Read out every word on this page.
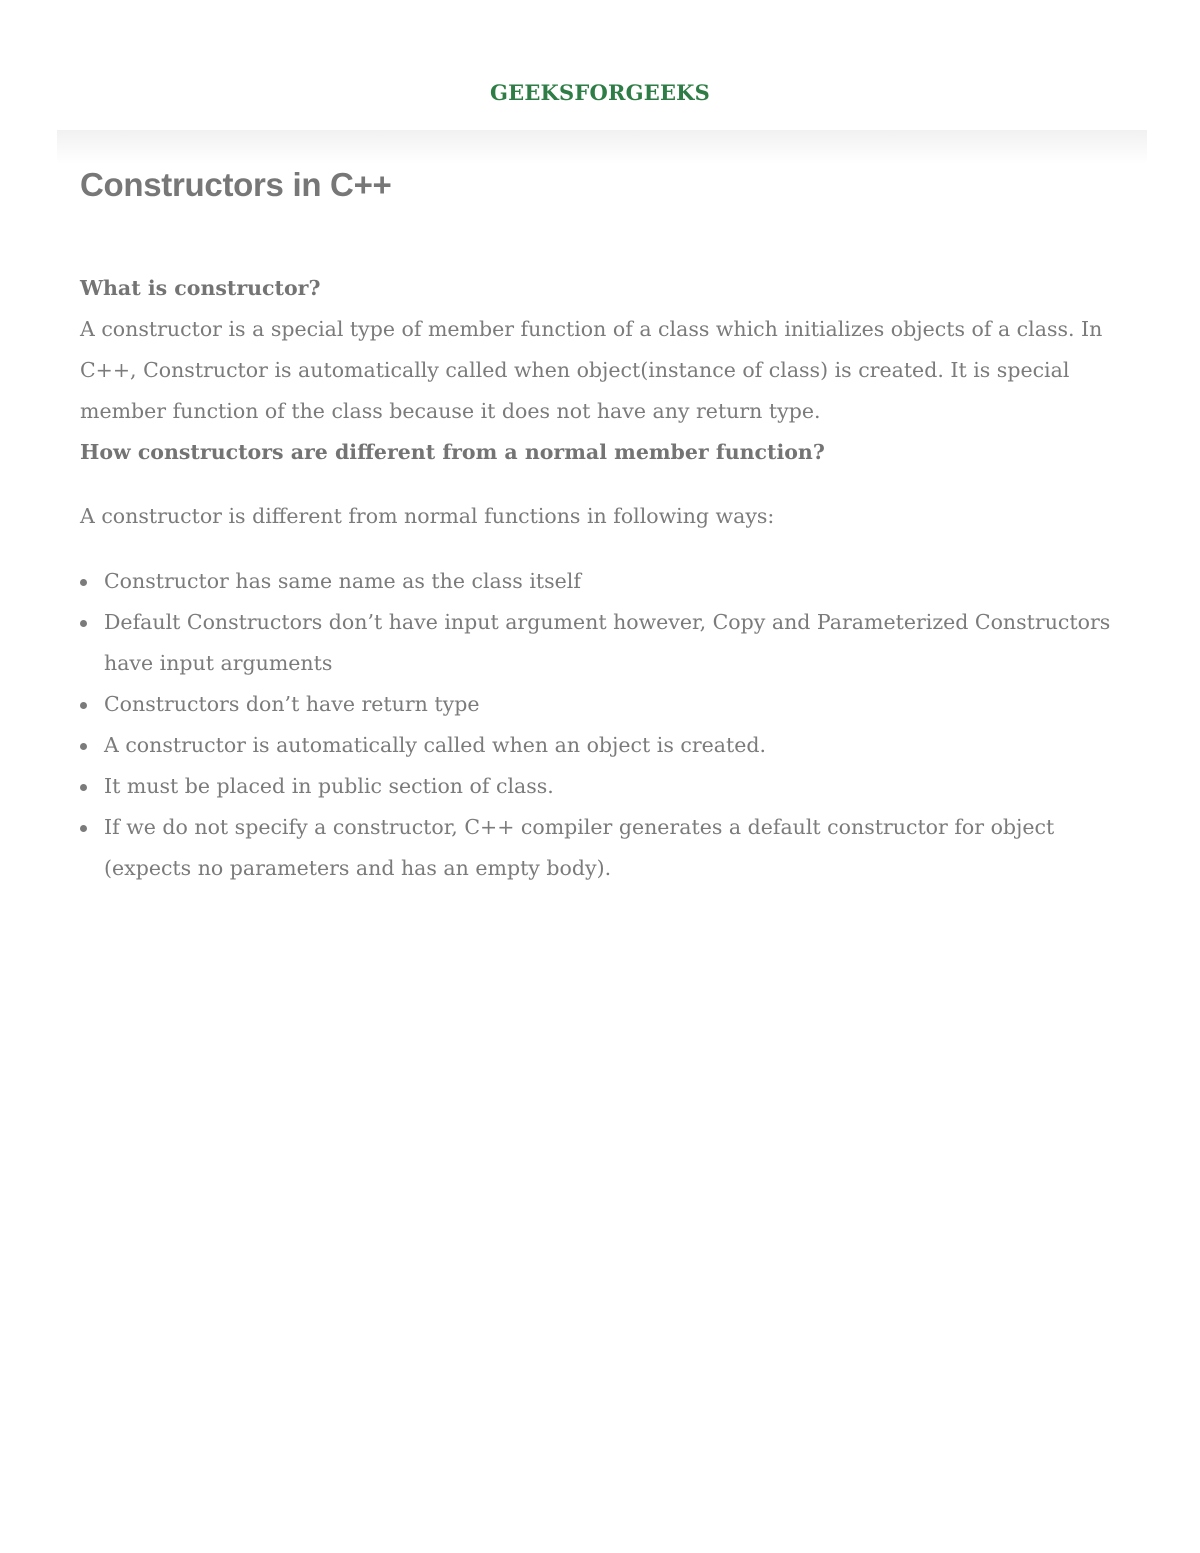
GEEKSFORGEEKS
Constructors in C++

What is constructor?

A constructor is a special type of member function of a class which initializes objects of a class. In C++, Constructor is automatically called when object(instance of class) is created. It is special member function of the class because it does not have any return type.

How constructors are different from a normal member function?

A constructor is different from normal functions in following ways:

Constructor has same name as the class itself
Default Constructors don’t have input argument however, Copy and Parameterized Constructors have input arguments
Constructors don’t have return type
A constructor is automatically called when an object is created.
It must be placed in public section of class.
If we do not specify a constructor, C++ compiler generates a default constructor for object (expects no parameters and has an empty body).
